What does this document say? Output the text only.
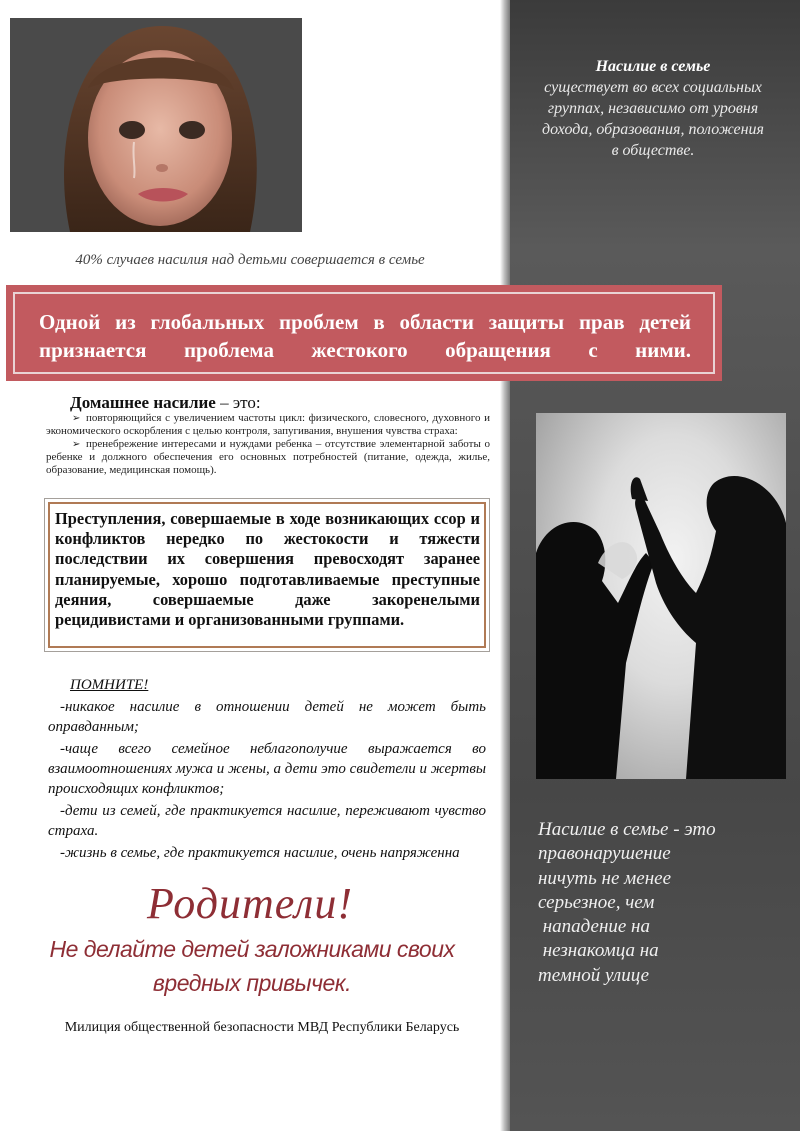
40% случаев насилия над детьми совершается в семье
Насилие в семье
существует во всех социальных группах, независимо от уровня дохода, образования, положения в обществе.

Одной из глобальных проблем в области защиты прав детей признается проблема жестокого обращения с ними.

Домашнее насилие – это:

➢ повторяющийся с увеличением частоты цикл: физического, словесного, духовного и экономического оскорбления с целью контроля, запугивания, внушения чувства страха:

➢ пренебрежение интересами и нуждами ребенка – отсутствие элементарной заботы о ребенке и должного обеспечения его основных потребностей (питание, одежда, жилье, образование, медицинская помощь).

Преступления, совершаемые в ходе возникающих ссор и конфликтов нередко по жестокости и тяжести последствии их совершения превосходят заранее планируемые, хорошо подготавливаемые преступные деяния, совершаемые даже закоренелыми рецидивистами и организованными группами.

ПОМНИТЕ!

-никакое насилие в отношении детей не может быть оправданным;

-чаще всего семейное неблагополучие выражается во взаимоотношениях мужа и жены, а дети это свидетели и жертвы происходящих конфликтов;

-дети из семей, где практикуется насилие, переживают чувство страха.

-жизнь в семье, где практикуется насилие, очень напряженна

Насилие в семье - это

правонарушение

ничуть не менее

серьезное, чем

нападение на

незнакомца на

темной улице

Родители!
Не делайте детей заложниками своих
вредных привычек.
Милиция общественной безопасности МВД Республики Беларусь
